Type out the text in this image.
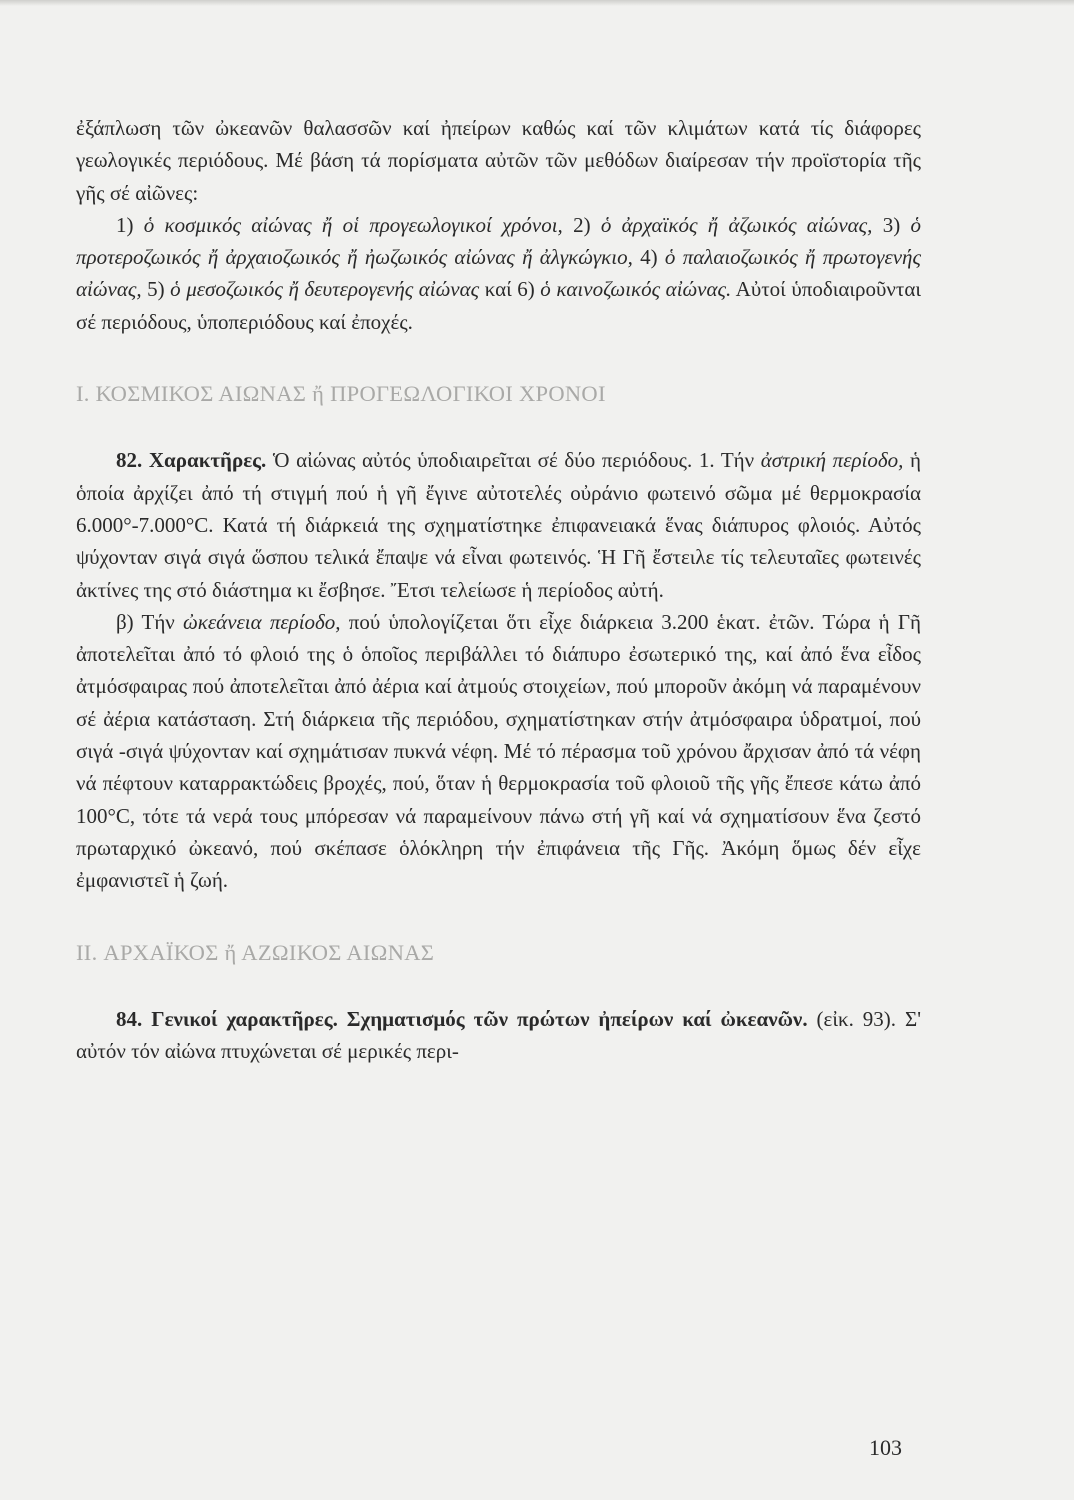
ἐξάπλωση τῶν ὠκεανῶν θαλασσῶν καί ἠπείρων καθώς καί τῶν κλιμάτων κατά τίς διάφορες γεωλογικές περιόδους. Μέ βάση τά πορίσματα αὐτῶν τῶν μεθόδων διαίρεσαν τήν προϊστορία τῆς γῆς σέ αἰῶνες:

1) ὁ κοσμικός αἰώνας ἤ οἱ προγεωλογικοί χρόνοι, 2) ὁ ἀρχαϊκός ἤ ἀζωικός αἰώνας, 3) ὁ προτεροζωικός ἤ ἀρχαιοζωικός ἤ ἠωζωικός αἰώνας ἤ ἀλγκώγκιο, 4) ὁ παλαιοζωικός ἤ πρωτογενής αἰώνας, 5) ὁ μεσοζωικός ἤ δευτερογενής αἰώνας καί 6) ὁ καινοζωικός αἰώνας. Αὐτοί ὑποδιαιροῦνται σέ περιόδους, ὑποπεριόδους καί ἐποχές.

I. ΚΟΣΜΙΚΟΣ ΑΙΩΝΑΣ ἤ ΠΡΟΓΕΩΛΟΓΙΚΟΙ ΧΡΟΝΟΙ

82. Χαρακτῆρες. Ὁ αἰώνας αὐτός ὑποδιαιρεῖται σέ δύο περιόδους. 1. Τήν ἀστρική περίοδο, ἡ ὁποία ἀρχίζει ἀπό τή στιγμή πού ἡ γῆ ἔγινε αὐτοτελές οὐράνιο φωτεινό σῶμα μέ θερμοκρασία 6.000°-7.000°C. Κατά τή διάρκειά της σχηματίστηκε ἐπιφανειακά ἕνας διάπυρος φλοιός. Αὐτός ψύχονταν σιγά σιγά ὥσπου τελικά ἔπαψε νά εἶναι φωτεινός. Ἡ Γῆ ἔστειλε τίς τελευταῖες φωτεινές ἀκτίνες της στό διάστημα κι ἔσβησε. Ἔτσι τελείωσε ἡ περίοδος αὐτή.

β) Τήν ὠκεάνεια περίοδο, πού ὑπολογίζεται ὅτι εἶχε διάρκεια 3.200 ἑκατ. ἐτῶν. Τώρα ἡ Γῆ ἀποτελεῖται ἀπό τό φλοιό της ὁ ὁποῖος περιβάλλει τό διάπυρο ἐσωτερικό της, καί ἀπό ἕνα εἶδος ἀτμόσφαιρας πού ἀποτελεῖται ἀπό ἀέρια καί ἀτμούς στοιχείων, πού μποροῦν ἀκόμη νά παραμένουν σέ ἀέρια κατάσταση. Στή διάρκεια τῆς περιόδου, σχηματίστηκαν στήν ἀτμόσφαιρα ὑδρατμοί, πού σιγά -σιγά ψύχονταν καί σχημάτισαν πυκνά νέφη. Μέ τό πέρασμα τοῦ χρόνου ἄρχισαν ἀπό τά νέφη νά πέφτουν καταρρακτώδεις βροχές, πού, ὅταν ἡ θερμοκρασία τοῦ φλοιοῦ τῆς γῆς ἔπεσε κάτω ἀπό 100°C, τότε τά νερά τους μπόρεσαν νά παραμείνουν πάνω στή γῆ καί νά σχηματίσουν ἕνα ζεστό πρωταρχικό ὠκεανό, πού σκέπασε ὁλόκληρη τήν ἐπιφάνεια τῆς Γῆς. Ἀκόμη ὅμως δέν εἶχε ἐμφανιστεῖ ἡ ζωή.

II. ΑΡΧΑΪΚΟΣ ἤ ΑΖΩΙΚΟΣ ΑΙΩΝΑΣ

84. Γενικοί χαρακτῆρες. Σχηματισμός τῶν πρώτων ἠπείρων καί ὠκεανῶν. (εἰκ. 93). Σ' αὐτόν τόν αἰώνα πτυχώνεται σέ μερικές περι-

103
